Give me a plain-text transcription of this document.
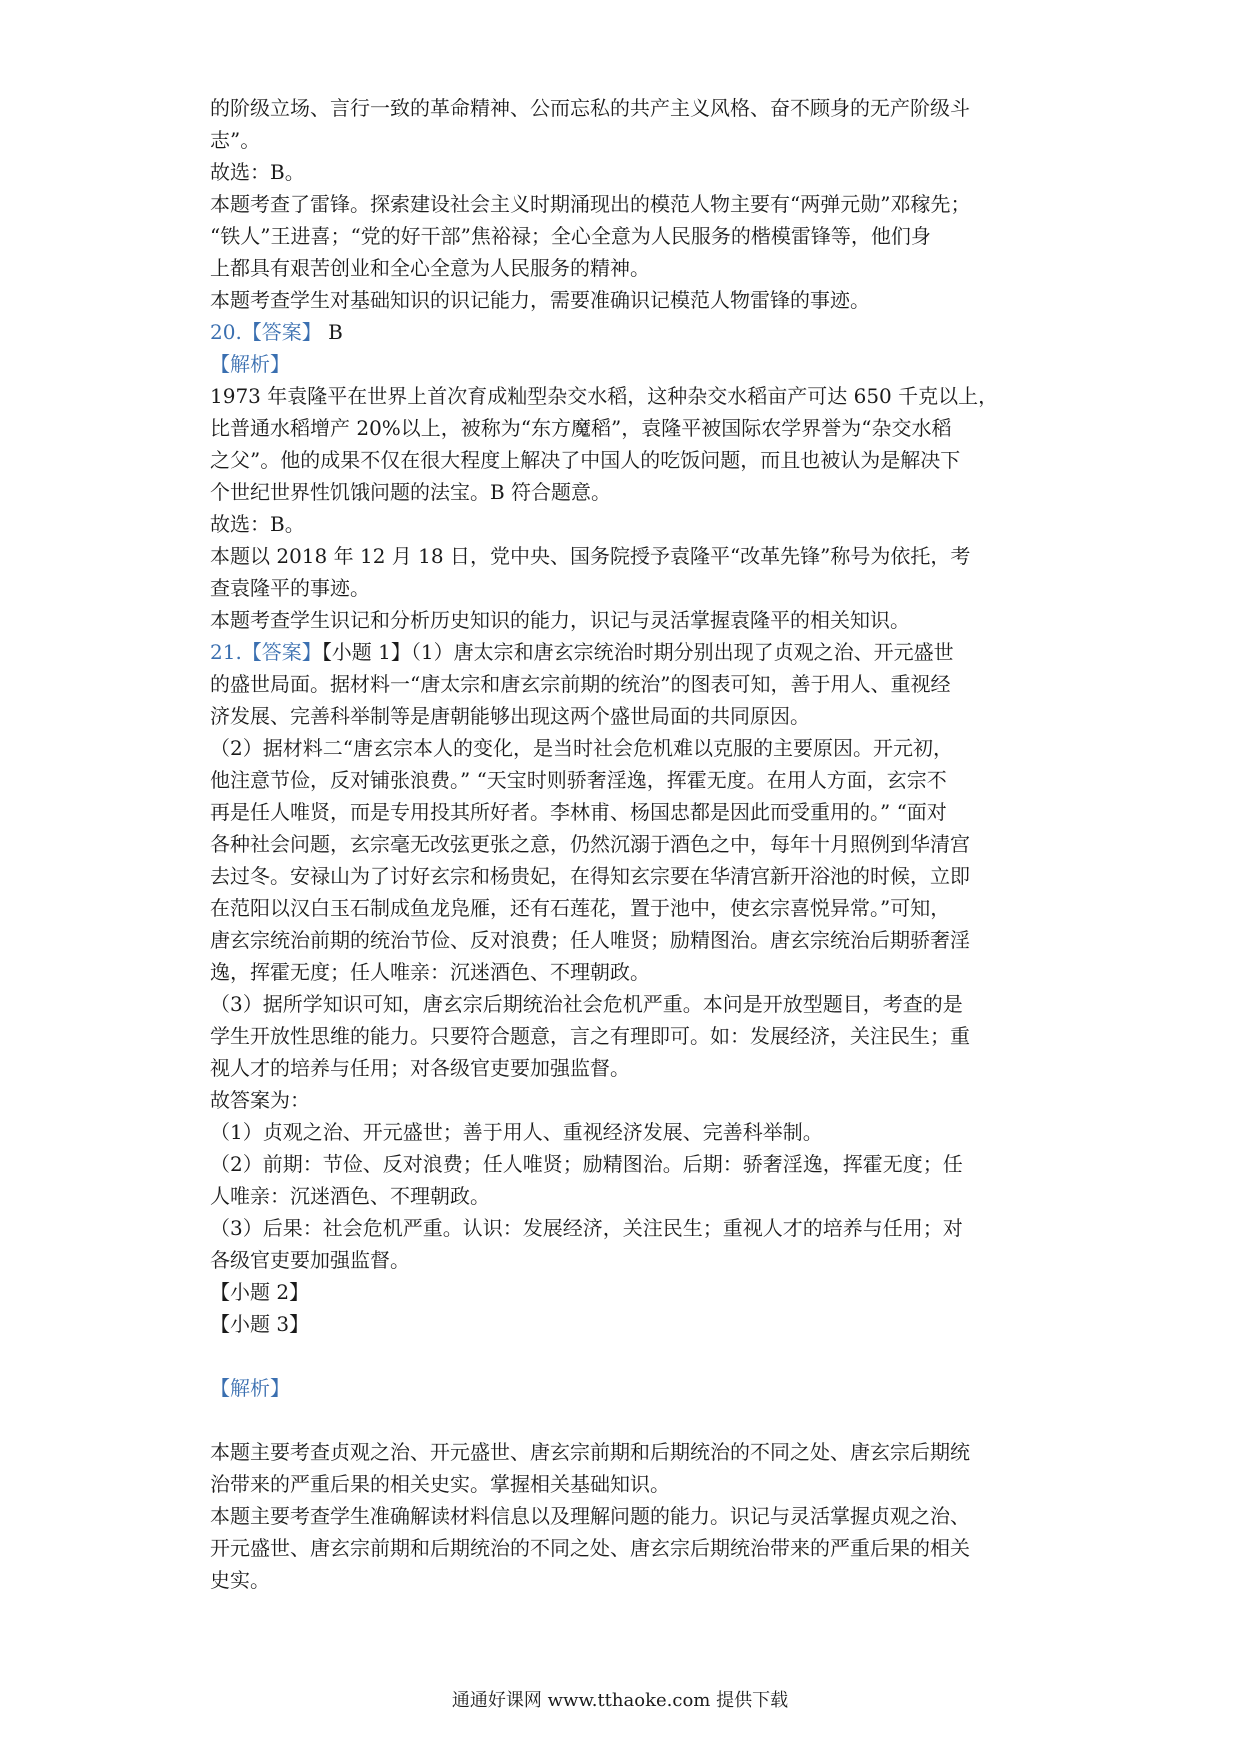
的阶级立场、言行一致的革命精神、公而忘私的共产主义风格、奋不顾身的无产阶级斗
志”。
故选：B。
本题考查了雷锋。探索建设社会主义时期涌现出的模范人物主要有“两弹元勋”邓稼先；
“铁人”王进喜；“党的好干部”焦裕禄；全心全意为人民服务的楷模雷锋等，他们身
上都具有艰苦创业和全心全意为人民服务的精神。
本题考查学生对基础知识的识记能力，需要准确识记模范人物雷锋的事迹。
20.【答案】 B
【解析】
1973 年袁隆平在世界上首次育成籼型杂交水稻，这种杂交水稻亩产可达 650 千克以上，
比普通水稻增产 20%以上，被称为“东方魔稻”，袁隆平被国际农学界誉为“杂交水稻
之父”。他的成果不仅在很大程度上解决了中国人的吃饭问题，而且也被认为是解决下
个世纪世界性饥饿问题的法宝。B 符合题意。
故选：B。
本题以 2018 年 12 月 18 日，党中央、国务院授予袁隆平“改革先锋”称号为依托，考
查袁隆平的事迹。
本题考查学生识记和分析历史知识的能力，识记与灵活掌握袁隆平的相关知识。
21.【答案】【小题 1】（1）唐太宗和唐玄宗统治时期分别出现了贞观之治、开元盛世
的盛世局面。据材料一“唐太宗和唐玄宗前期的统治”的图表可知，善于用人、重视经
济发展、完善科举制等是唐朝能够出现这两个盛世局面的共同原因。
（2）据材料二“唐玄宗本人的变化，是当时社会危机难以克服的主要原因。开元初，
他注意节俭，反对铺张浪费。” “天宝时则骄奢淫逸，挥霍无度。在用人方面，玄宗不
再是任人唯贤，而是专用投其所好者。李林甫、杨国忠都是因此而受重用的。” “面对
各种社会问题，玄宗毫无改弦更张之意，仍然沉溺于酒色之中，每年十月照例到华清宫
去过冬。安禄山为了讨好玄宗和杨贵妃，在得知玄宗要在华清宫新开浴池的时候，立即
在范阳以汉白玉石制成鱼龙凫雁，还有石莲花，置于池中，使玄宗喜悦异常。”可知，
唐玄宗统治前期的统治节俭、反对浪费；任人唯贤；励精图治。唐玄宗统治后期骄奢淫
逸，挥霍无度；任人唯亲：沉迷酒色、不理朝政。
（3）据所学知识可知，唐玄宗后期统治社会危机严重。本问是开放型题目，考查的是
学生开放性思维的能力。只要符合题意，言之有理即可。如：发展经济，关注民生；重
视人才的培养与任用；对各级官吏要加强监督。
故答案为：
（1）贞观之治、开元盛世；善于用人、重视经济发展、完善科举制。
（2）前期：节俭、反对浪费；任人唯贤；励精图治。后期：骄奢淫逸，挥霍无度；任
人唯亲：沉迷酒色、不理朝政。
（3）后果：社会危机严重。认识：发展经济，关注民生；重视人才的培养与任用；对
各级官吏要加强监督。
【小题 2】
【小题 3】
【解析】
本题主要考查贞观之治、开元盛世、唐玄宗前期和后期统治的不同之处、唐玄宗后期统
治带来的严重后果的相关史实。掌握相关基础知识。
本题主要考查学生准确解读材料信息以及理解问题的能力。识记与灵活掌握贞观之治、
开元盛世、唐玄宗前期和后期统治的不同之处、唐玄宗后期统治带来的严重后果的相关
史实。
通通好课网 www.tthaoke.com 提供下载
